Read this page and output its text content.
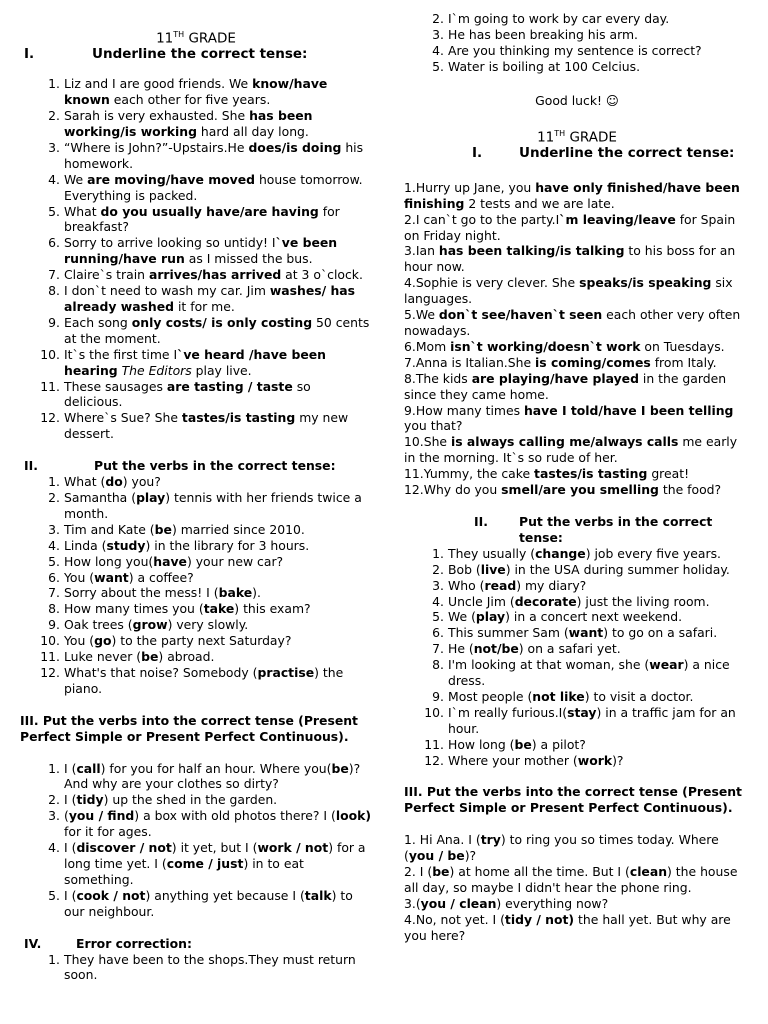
11TH GRADE

I.	Underline the correct tense:
1. Liz and I are good friends. We know/have known each other for five years.
2. Sarah is very exhausted. She has been working/is working hard all day long.
3. “Where is John?”-Upstairs.He does/is doing his homework.
4. We are moving/have moved house tomorrow. Everything is packed.
5. What do you usually have/are having for breakfast?
6. Sorry to arrive looking so untidy! I`ve been running/have run as I missed the bus.
7. Claire`s train arrives/has arrived at 3 o`clock.
8. I don`t need to wash my car. Jim washes/ has already washed it for me.
9. Each song only costs/ is only costing 50 cents at the moment.
10. It`s the first time I`ve heard /have been hearing The Editors play live.
11. These sausages are tasting / taste so delicious.
12. Where`s Sue? She tastes/is tasting my new dessert.
II.	Put the verbs in the correct tense:
1. What (do) you?
2. Samantha (play) tennis with her friends twice a month.
3. Tim and Kate (be) married since 2010.
4. Linda (study) in the library for 3 hours.
5. How long you(have) your new car?
6. You (want) a coffee?
7. Sorry about the mess! I (bake).
8. How many times you (take) this exam?
9. Oak trees (grow) very slowly.
10. You (go) to the party next Saturday?
11. Luke never (be) abroad.
12. What's that noise? Somebody (practise) the piano.

III. Put the verbs into the correct tense (Present Perfect Simple or Present Perfect Continuous).

1. I (call) for you for half an hour. Where you(be)? And why are your clothes so dirty?
2. I (tidy) up the shed in the garden.
3. (you / find) a box with old photos there? I (look) for it for ages.
4. I (discover / not) it yet, but I (work / not) for a long time yet. I (come / just) in to eat something.
5. I (cook / not) anything yet because I (talk) to our neighbour.
IV.	Error correction:
1. They have been to the shops.They must return soon.
2. I`m going to work by car every day.
3. He has been breaking his arm.
4. Are you thinking my sentence is correct?
5. Water is boiling at 100 Celcius.

Good luck! ☺

11TH GRADE

I.	Underline the correct tense:

1.Hurry up Jane, you have only finished/have been finishing 2 tests and we are late.

2.I can`t go to the party.I`m leaving/leave for Spain on Friday night.

3.Ian has been talking/is talking to his boss for an hour now.

4.Sophie is very clever. She speaks/is speaking six languages.

5.We don`t see/haven`t seen each other very often nowadays.

6.Mom isn`t working/doesn`t work on Tuesdays.

7.Anna is Italian.She is coming/comes from Italy.

8.The kids are playing/have played in the garden since they came home.

9.How many times have I told/have I been telling you that?

10.She is always calling me/always calls me early in the morning. It`s so rude of her.

11.Yummy, the cake tastes/is tasting great!

12.Why do you smell/are you smelling the food?

II.	Put the verbs in the correct tense:
1. They usually (change) job every five years.
2. Bob (live) in the USA during summer holiday.
3. Who (read) my diary?
4. Uncle Jim (decorate) just the living room.
5. We (play) in a concert next weekend.
6. This summer Sam (want) to go on a safari.
7. He (not/be) on a safari yet.
8. I'm looking at that woman, she (wear) a nice dress.
9. Most people (not like) to visit a doctor.
10. I`m really furious.I(stay) in a traffic jam for an hour.
11. How long (be) a pilot?
12. Where your mother (work)?

III. Put the verbs into the correct tense (Present Perfect Simple or Present Perfect Continuous).

1. Hi Ana. I (try) to ring you so times today. Where (you / be)?

2. I (be) at home all the time. But I (clean) the house all day, so maybe I didn't hear the phone ring.

3.(you / clean) everything now?

4.No, not yet. I (tidy / not) the hall yet. But why are you here?
